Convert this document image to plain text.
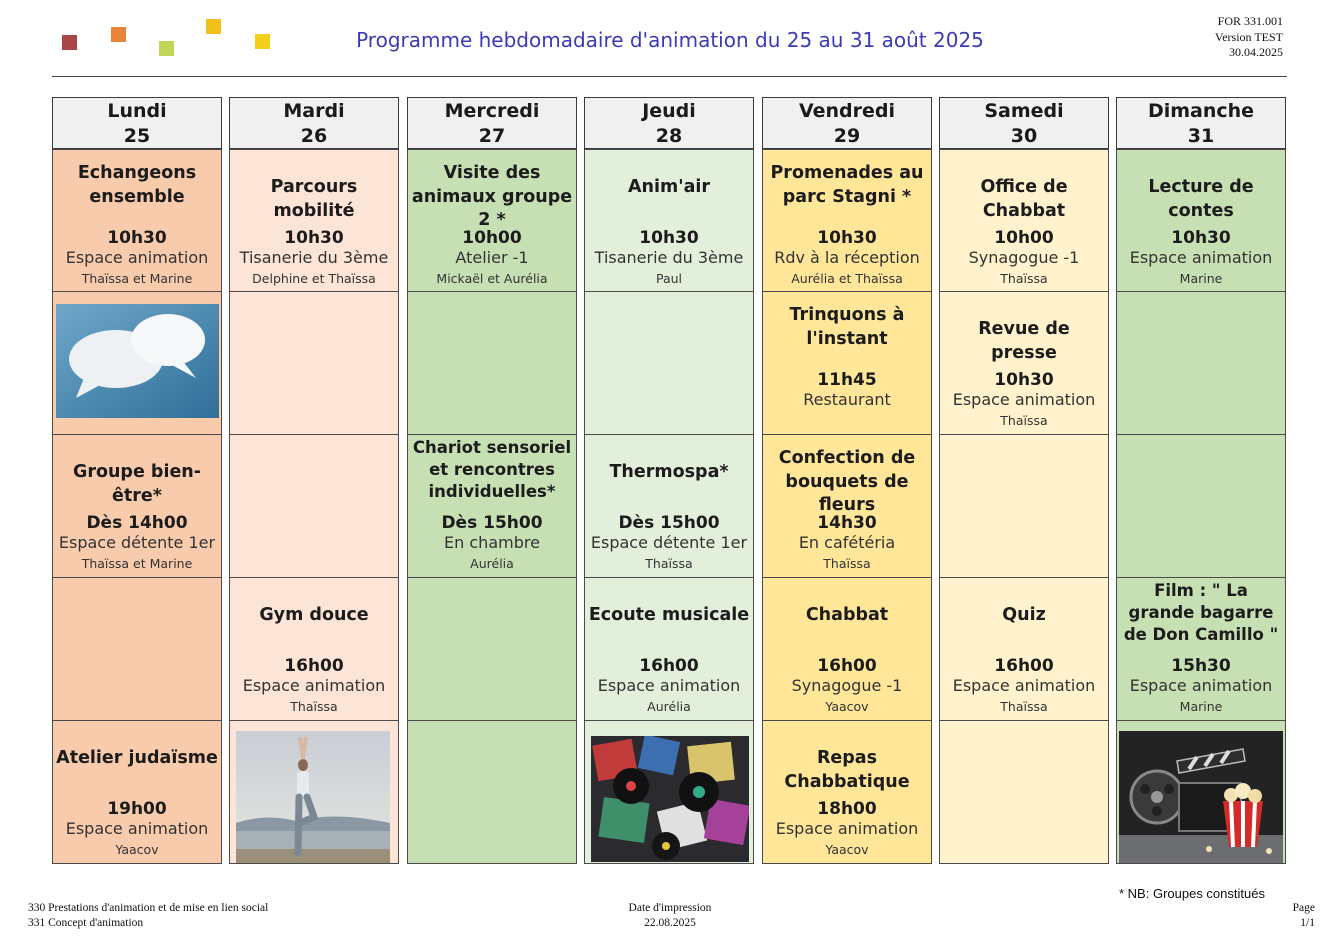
Programme hebdomadaire d'animation du 25 au 31 août 2025
FOR 331.001
Version TEST
30.04.2025
Lundi
25
Echangeons ensemble
10h30
Espace animation
Thaïssa et Marine
Groupe bien-être*
Dès 14h00
Espace détente 1er
Thaïssa et Marine
Atelier judaïsme
19h00
Espace animation
Yaacov
Mardi
26
Parcours mobilité
10h30
Tisanerie du 3ème
Delphine et Thaïssa
Gym douce
16h00
Espace animation
Thaïssa
Mercredi
27
Visite des animaux groupe 2 *
10h00
Atelier -1
Mickaël et Aurélia
Chariot sensoriel et rencontres individuelles*
Dès 15h00
En chambre
Aurélia
Jeudi
28
Anim'air
10h30
Tisanerie du 3ème
Paul
Thermospa*
Dès 15h00
Espace détente 1er
Thaïssa
Ecoute musicale
16h00
Espace animation
Aurélia
Vendredi
29
Promenades au parc Stagni *
10h30
Rdv à la réception
Aurélia et Thaïssa
Trinquons à l'instant
11h45
Restaurant
Confection de bouquets de fleurs
14h30
En cafétéria
Thaïssa
Chabbat
16h00
Synagogue -1
Yaacov
Repas Chabbatique
18h00
Espace animation
Yaacov
Samedi
30
Office de Chabbat
10h00
Synagogue -1
Thaïssa
Revue de presse
10h30
Espace animation
Thaïssa
Quiz
16h00
Espace animation
Thaïssa
Dimanche
31
Lecture de contes
10h30
Espace animation
Marine
Film : " La grande bagarre de Don Camillo "
15h30
Espace animation
Marine
* NB: Groupes constitués
330 Prestations d'animation et de mise en lien social
331 Concept d'animation
Date d'impression
22.08.2025
Page
1/1
